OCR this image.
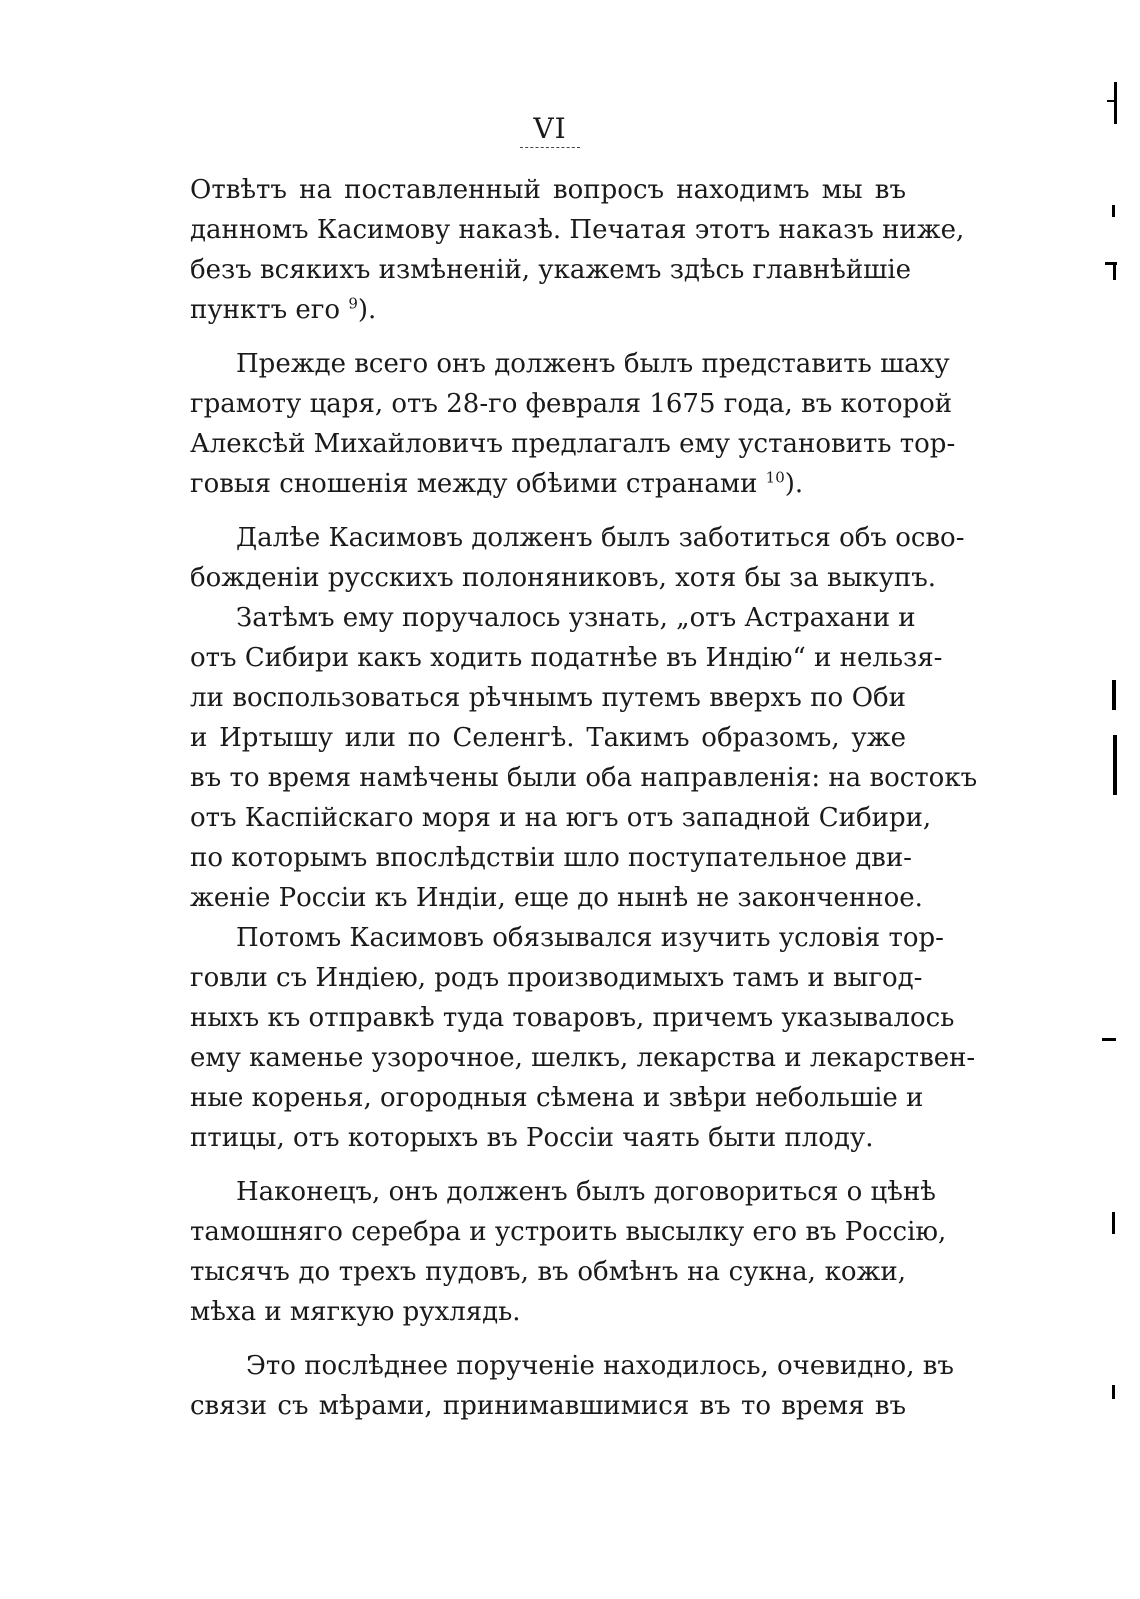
VI
Отвѣтъ на поставленный вопросъ находимъ мы въ
данномъ Касимову наказѣ. Печатая этотъ наказъ ниже,
безъ всякихъ измѣненій, укажемъ здѣсь главнѣйшіе
пунктъ его $^9$).
Прежде всего онъ долженъ былъ представить шаху
грамоту царя, отъ 28-го февраля 1675 года, въ которой
Алексѣй Михайловичъ предлагалъ ему установить тор-
говыя сношенія между обѣими странами $^{10}$).
Далѣе Касимовъ долженъ былъ заботиться объ осво-
божденіи русскихъ полоняниковъ, хотя бы за выкупъ.
Затѣмъ ему поручалось узнать, „отъ Астрахани и
отъ Сибири какъ ходить податнѣе въ Индію“ и нельзя-
ли воспользоваться рѣчнымъ путемъ вверхъ по Оби
и Иртышу или по Селенгѣ. Такимъ образомъ, уже
въ то время намѣчены были оба направленія: на востокъ
отъ Каспійскаго моря и на югъ отъ западной Сибири,
по которымъ впослѣдствіи шло поступательное дви-
женіе Россіи къ Индіи, еще до нынѣ не законченное.
Потомъ Касимовъ обязывался изучить условія тор-
говли съ Индіею, родъ производимыхъ тамъ и выгод-
ныхъ къ отправкѣ туда товаровъ, причемъ указывалось
ему каменье узорочное, шелкъ, лекарства и лекарствен-
ные коренья, огородныя сѣмена и звѣри небольшіе и
птицы, отъ которыхъ въ Россіи чаять быти плоду.
Наконецъ, онъ долженъ былъ договориться о цѣнѣ
тамошняго серебра и устроить высылку его въ Россію,
тысячъ до трехъ пудовъ, въ обмѣнъ на сукна, кожи,
мѣха и мягкую рухлядь.
Это послѣднее порученіе находилось, очевидно, въ
связи съ мѣрами, принимавшимися въ то время въ
